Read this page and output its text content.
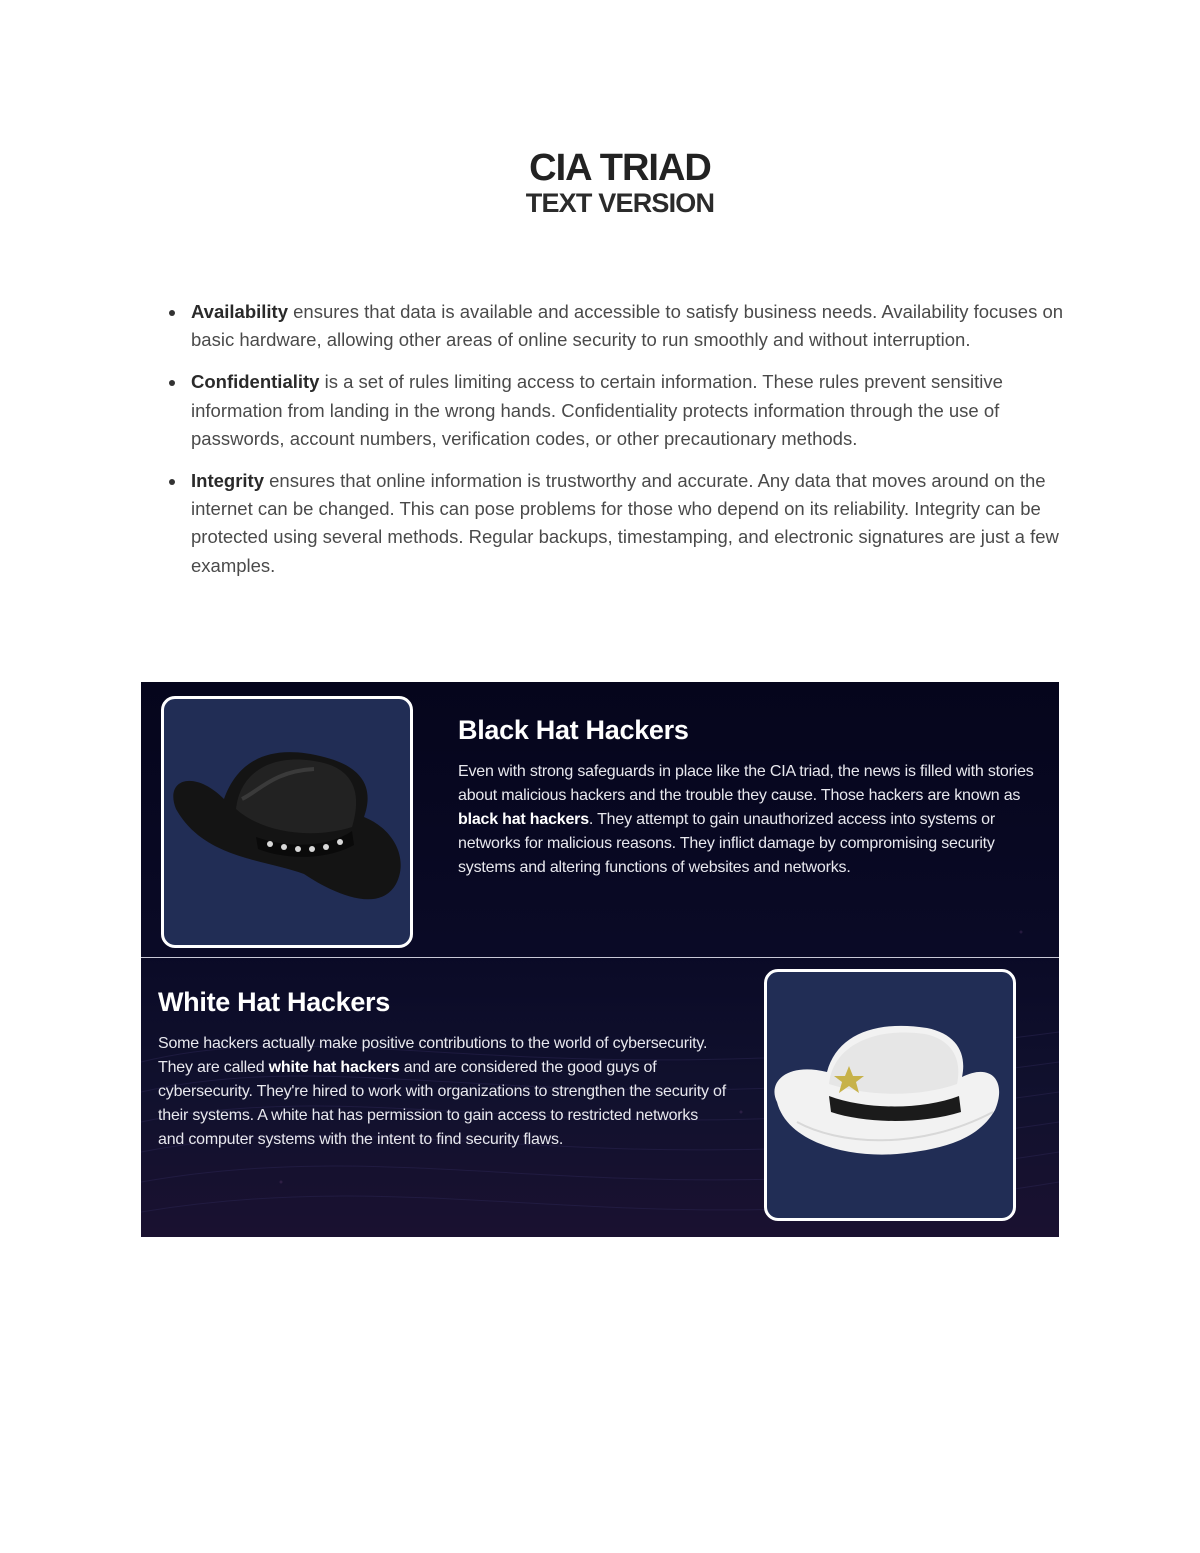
CIA TRIAD
TEXT VERSION
Availability ensures that data is available and accessible to satisfy business needs. Availability focuses on basic hardware, allowing other areas of online security to run smoothly and without interruption.
Confidentiality is a set of rules limiting access to certain information. These rules prevent sensitive information from landing in the wrong hands. Confidentiality protects information through the use of passwords, account numbers, verification codes, or other precautionary methods.
Integrity ensures that online information is trustworthy and accurate. Any data that moves around on the internet can be changed. This can pose problems for those who depend on its reliability. Integrity can be protected using several methods. Regular backups, timestamping, and electronic signatures are just a few examples.
Black Hat Hackers

Even with strong safeguards in place like the CIA triad, the news is filled with stories about malicious hackers and the trouble they cause. Those hackers are known as black hat hackers. They attempt to gain unauthorized access into systems or networks for malicious reasons. They inflict damage by compromising security systems and altering functions of websites and networks.

White Hat Hackers

Some hackers actually make positive contributions to the world of cybersecurity. They are called white hat hackers and are considered the good guys of cybersecurity. They're hired to work with organizations to strengthen the security of their systems. A white hat has permission to gain access to restricted networks and computer systems with the intent to find security flaws.
